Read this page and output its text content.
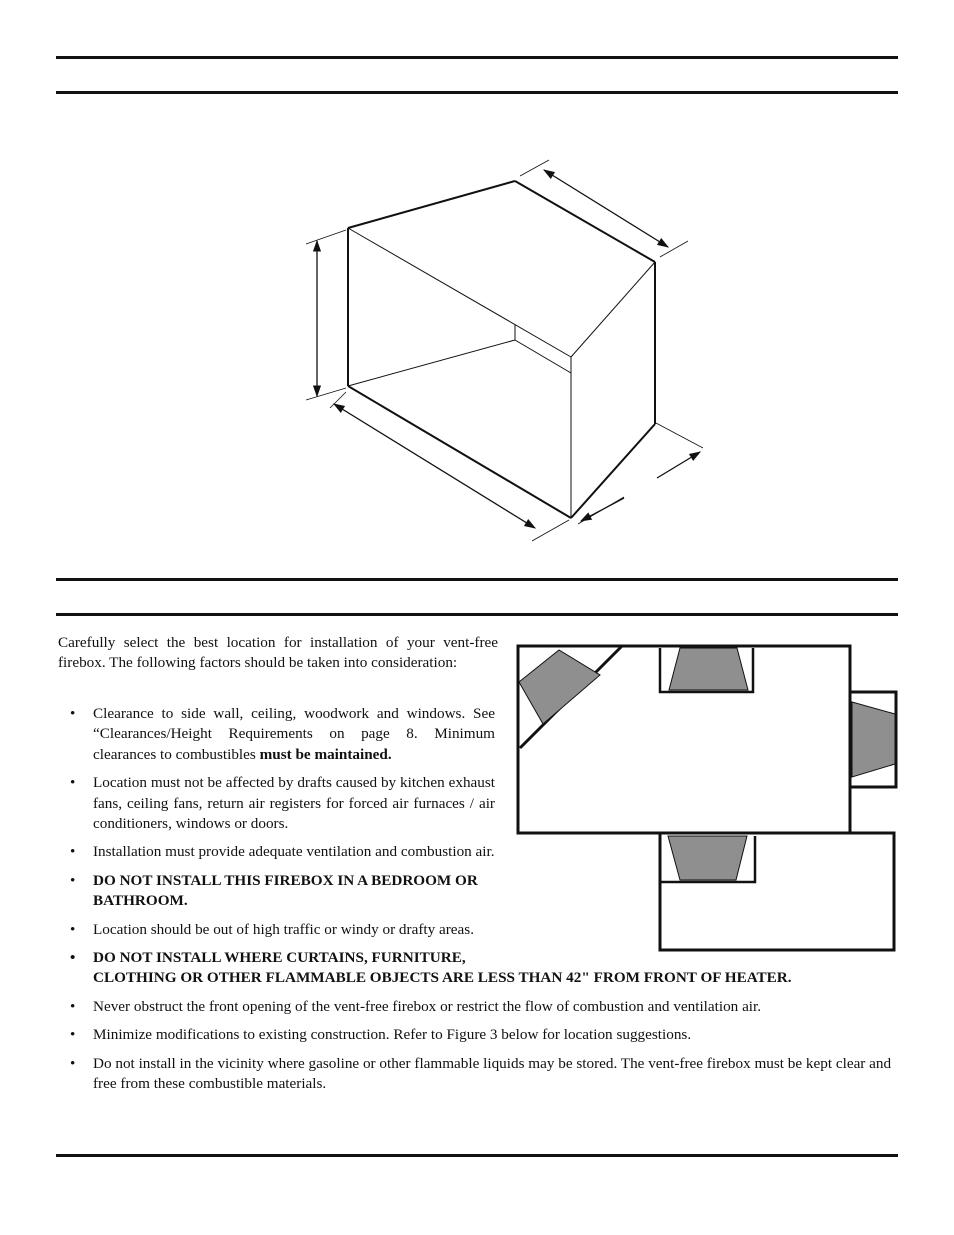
Carefully select the best location for installation of your vent-free firebox. The following factors should be taken into consideration:

• Clearance to side wall, ceiling, woodwork and windows. See “Clearances/Height Requirements on page 8. Minimum clearances to combustibles must be maintained.
• Location must not be affected by drafts caused by kitchen exhaust fans, ceiling fans, return air registers for forced air furnaces / air conditioners, windows or doors.
• Installation must provide adequate ventilation and combustion air.
• DO NOT INSTALL THIS FIREBOX IN A BEDROOM OR BATHROOM.
• Location should be out of high traffic or windy or drafty areas.
• DO NOT INSTALL WHERE CURTAINS, FURNITURE,
CLOTHING OR OTHER FLAMMABLE OBJECTS ARE LESS THAN 42" FROM FRONT OF HEATER.
• Never obstruct the front opening of the vent-free firebox or restrict the flow of combustion and ventilation air.
• Minimize modifications to existing construction. Refer to Figure 3 below for location suggestions.
• Do not install in the vicinity where gasoline or other flammable liquids may be stored. The vent-free firebox must be kept clear and free from these combustible materials.
